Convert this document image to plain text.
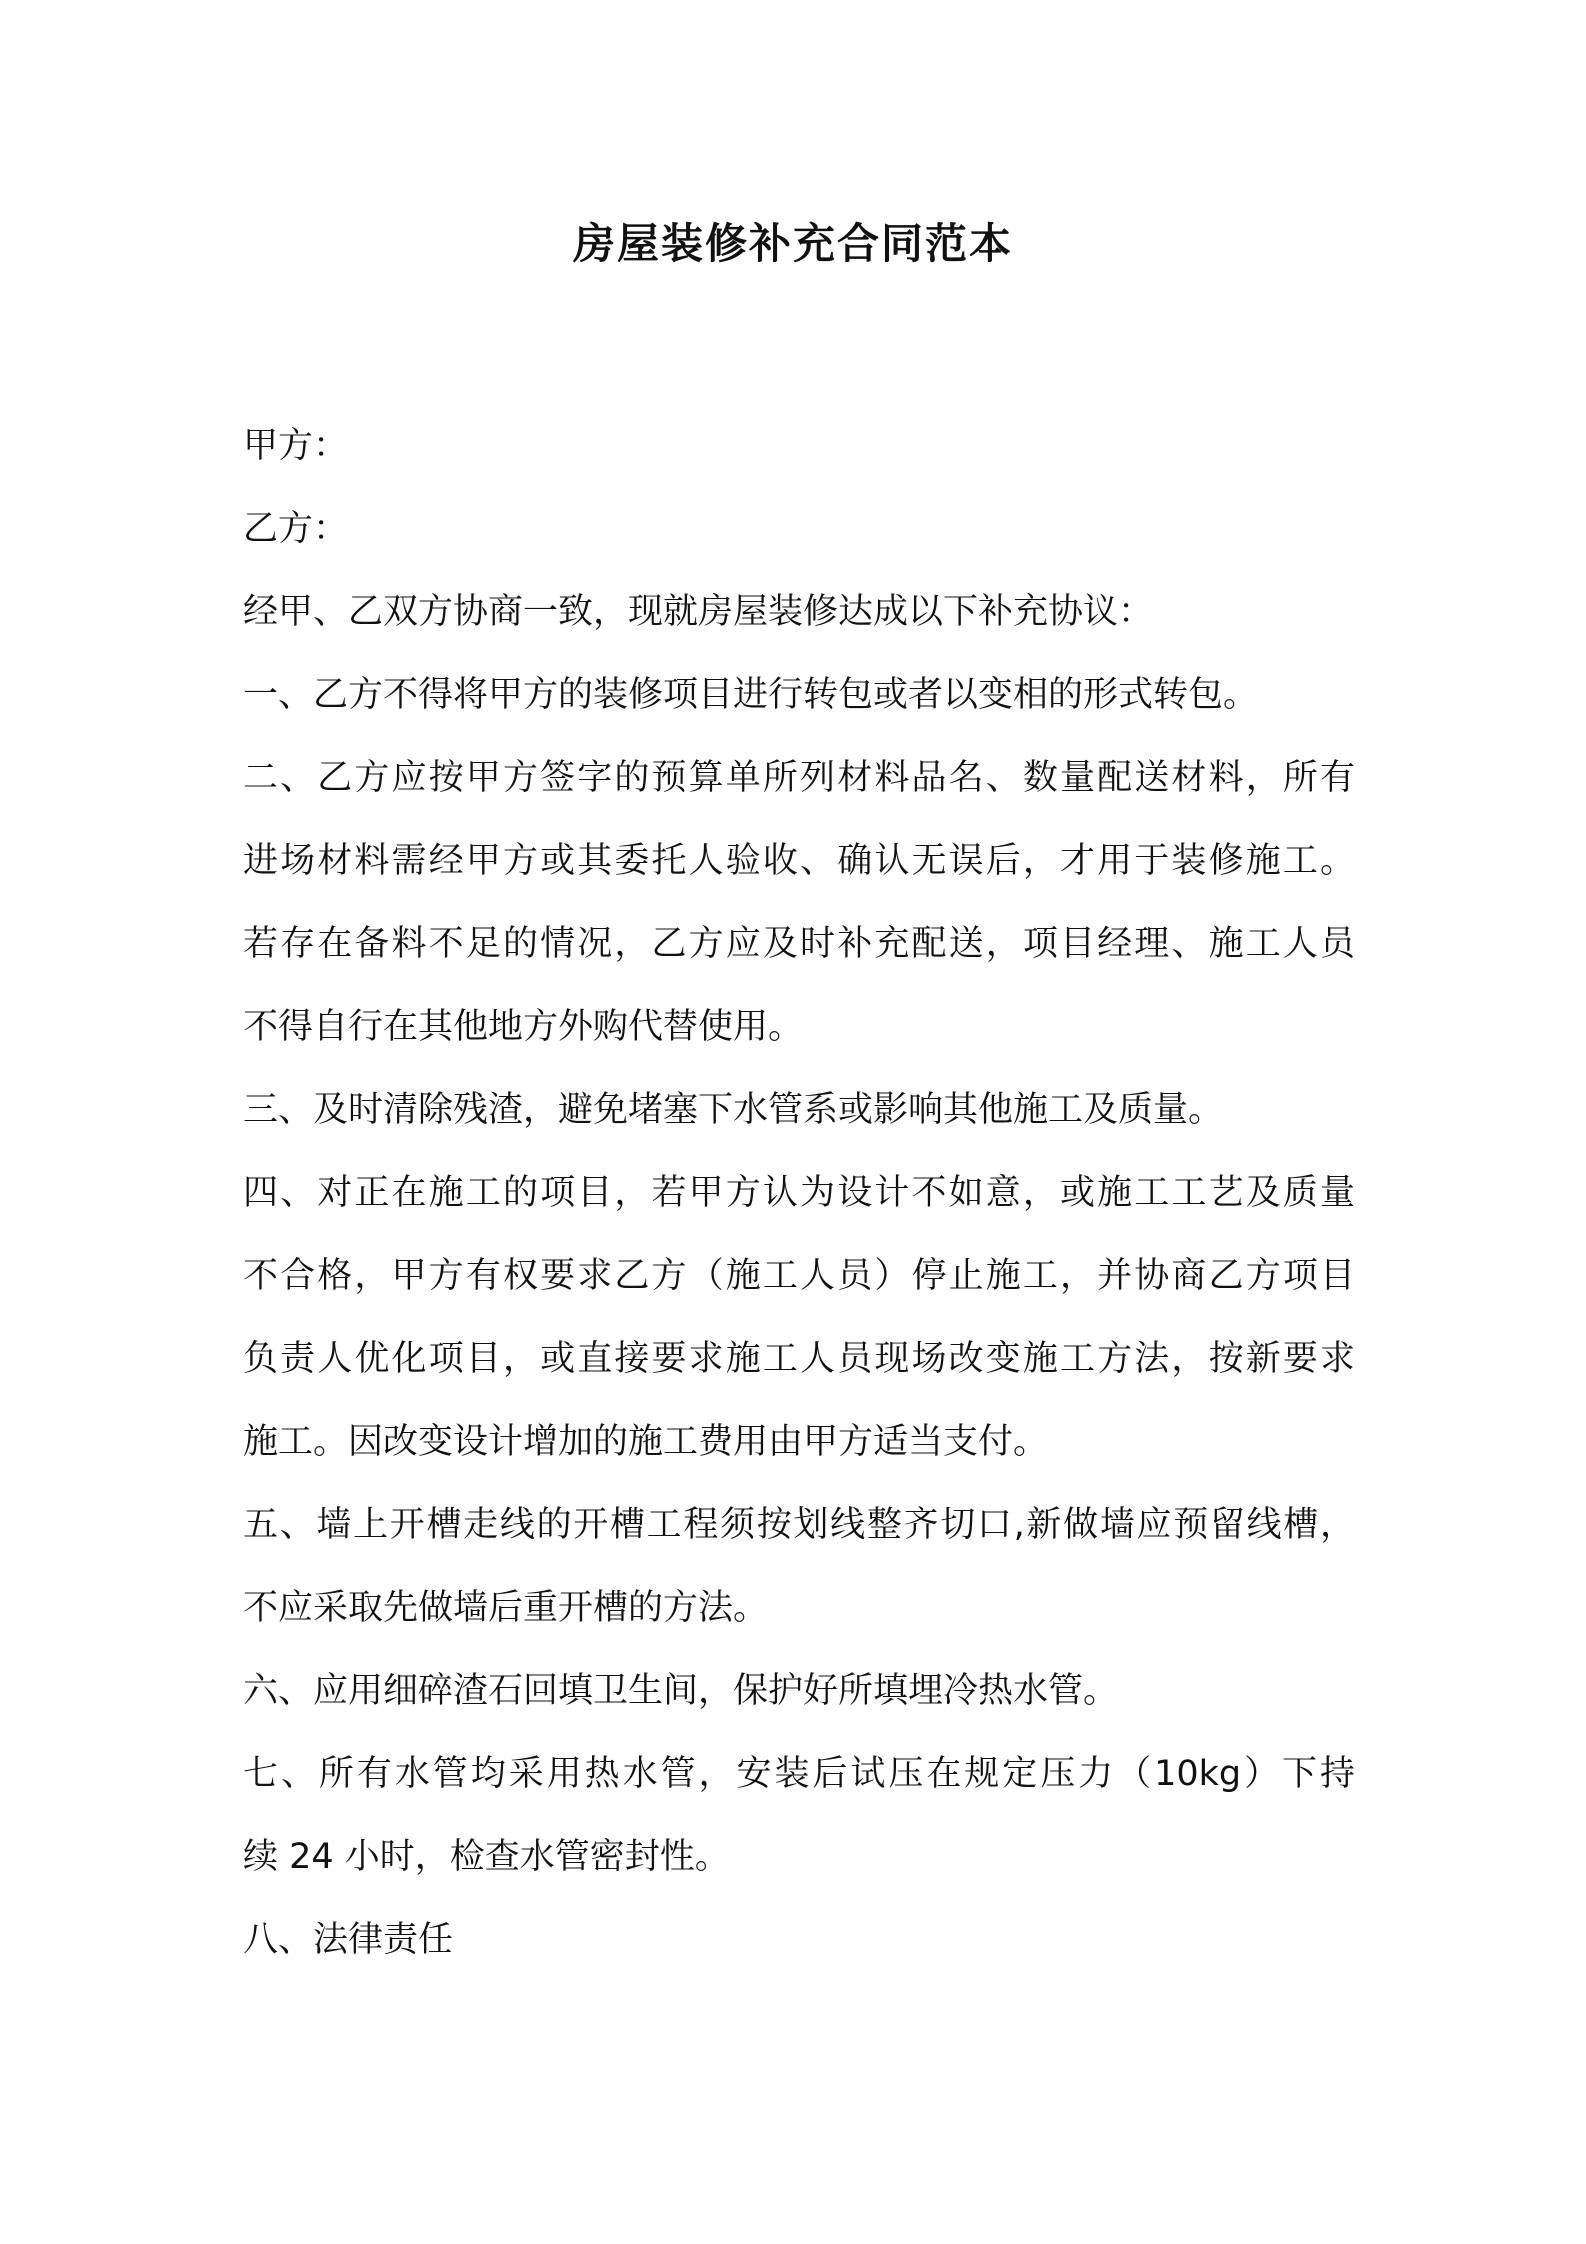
房屋装修补充合同范本

甲方：

乙方：

经甲、乙双方协商一致，现就房屋装修达成以下补充协议：

一、乙方不得将甲方的装修项目进行转包或者以变相的形式转包。

二、乙方应按甲方签字的预算单所列材料品名、数量配送材料，所有

进场材料需经甲方或其委托人验收、确认无误后，才用于装修施工。

若存在备料不足的情况，乙方应及时补充配送，项目经理、施工人员

不得自行在其他地方外购代替使用。

三、及时清除残渣，避免堵塞下水管系或影响其他施工及质量。

四、对正在施工的项目，若甲方认为设计不如意，或施工工艺及质量

不合格，甲方有权要求乙方（施工人员）停止施工，并协商乙方项目

负责人优化项目，或直接要求施工人员现场改变施工方法，按新要求

施工。因改变设计增加的施工费用由甲方适当支付。

五、墙上开槽走线的开槽工程须按划线整齐切口,新做墙应预留线槽，

不应采取先做墙后重开槽的方法。

六、应用细碎渣石回填卫生间，保护好所填埋冷热水管。

七、所有水管均采用热水管，安装后试压在规定压力（10kg）下持

续 24 小时，检查水管密封性。

八、法律责任
